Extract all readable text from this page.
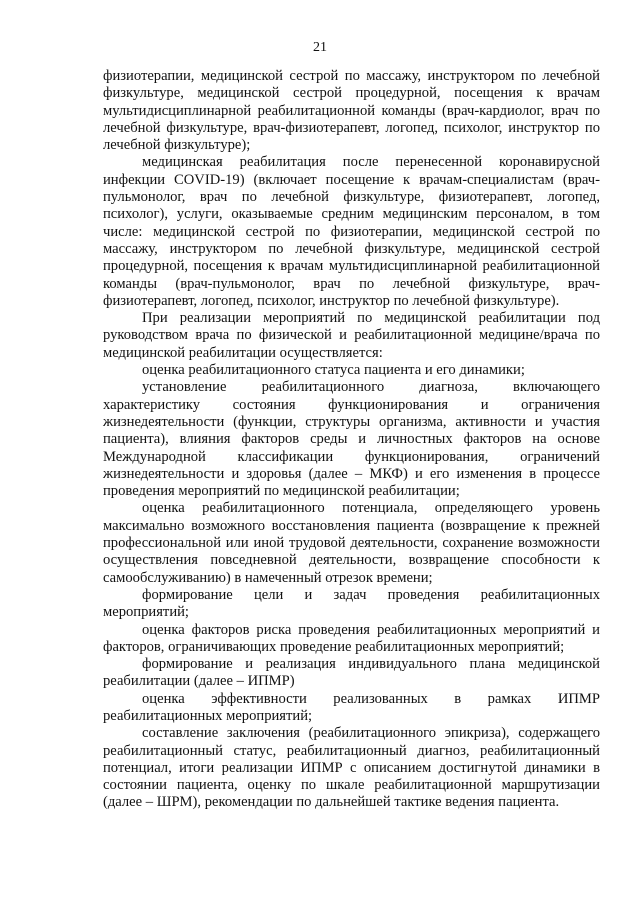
21

физиотерапии, медицинской сестрой по массажу, инструктором по лечебной физкультуре, медицинской сестрой процедурной, посещения к врачам мультидисциплинарной реабилитационной команды (врач-кардиолог, врач по лечебной физкультуре, врач-физиотерапевт, логопед, психолог, инструктор по лечебной физкультуре);

медицинская реабилитация после перенесенной коронавирусной инфекции COVID-19) (включает посещение к врачам-специалистам (врач-пульмонолог, врач по лечебной физкультуре, физиотерапевт, логопед, психолог), услуги, оказываемые средним медицинским персоналом, в том числе: медицинской сестрой по физиотерапии, медицинской сестрой по массажу, инструктором по лечебной физкультуре, медицинской сестрой процедурной, посещения к врачам мультидисциплинарной реабилитационной команды (врач-пульмонолог, врач по лечебной физкультуре, врач-физиотерапевт, логопед, психолог, инструктор по лечебной физкультуре).

При реализации мероприятий по медицинской реабилитации под руководством врача по физической и реабилитационной медицине/врача по медицинской реабилитации осуществляется:

оценка реабилитационного статуса пациента и его динамики;

установление реабилитационного диагноза, включающего характеристику состояния функционирования и ограничения жизнедеятельности (функции, структуры организма, активности и участия пациента), влияния факторов среды и личностных факторов на основе Международной классификации функционирования, ограничений жизнедеятельности и здоровья (далее – МКФ) и его изменения в процессе проведения мероприятий по медицинской реабилитации;

оценка реабилитационного потенциала, определяющего уровень максимально возможного восстановления пациента (возвращение к прежней профессиональной или иной трудовой деятельности, сохранение возможности осуществления повседневной деятельности, возвращение способности к самообслуживанию) в намеченный отрезок времени;

формирование цели и задач проведения реабилитационных мероприятий;

оценка факторов риска проведения реабилитационных мероприятий и факторов, ограничивающих проведение реабилитационных мероприятий;

формирование и реализация индивидуального плана медицинской реабилитации (далее – ИПМР)

оценка эффективности реализованных в рамках ИПМР реабилитационных мероприятий;

составление заключения (реабилитационного эпикриза), содержащего реабилитационный статус, реабилитационный диагноз, реабилитационный потенциал, итоги реализации ИПМР с описанием достигнутой динамики в состоянии пациента, оценку по шкале реабилитационной маршрутизации (далее – ШРМ), рекомендации по дальнейшей тактике ведения пациента.
